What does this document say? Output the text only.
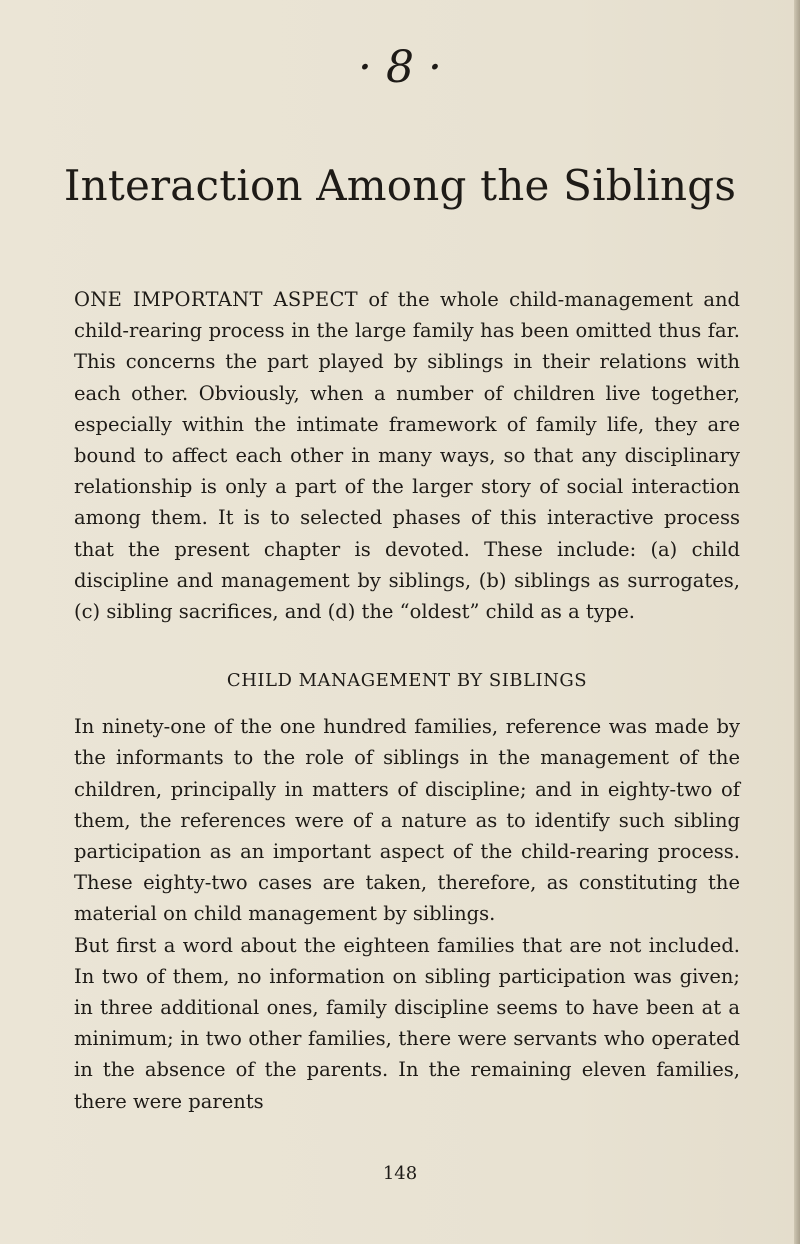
· 8 ·
Interaction Among the Siblings

ONE IMPORTANT ASPECT of the whole child-management and child-rearing process in the large family has been omitted thus far. This concerns the part played by siblings in their relations with each other. Obviously, when a number of children live together, especially within the intimate framework of family life, they are bound to affect each other in many ways, so that any disciplinary relationship is only a part of the larger story of social interaction among them. It is to selected phases of this interactive process that the present chapter is devoted. These include: (a) child discipline and management by siblings, (b) siblings as surrogates, (c) sibling sacrifices, and (d) the “oldest” child as a type.

CHILD MANAGEMENT BY SIBLINGS

In ninety-one of the one hundred families, reference was made by the informants to the role of siblings in the management of the children, principally in matters of discipline; and in eighty-two of them, the references were of a nature as to identify such sibling participation as an important aspect of the child-rearing process. These eighty-two cases are taken, therefore, as constituting the material on child management by siblings.

But first a word about the eighteen families that are not included. In two of them, no information on sibling participation was given; in three additional ones, family discipline seems to have been at a minimum; in two other families, there were servants who operated in the absence of the parents. In the remaining eleven families, there were parents

148
